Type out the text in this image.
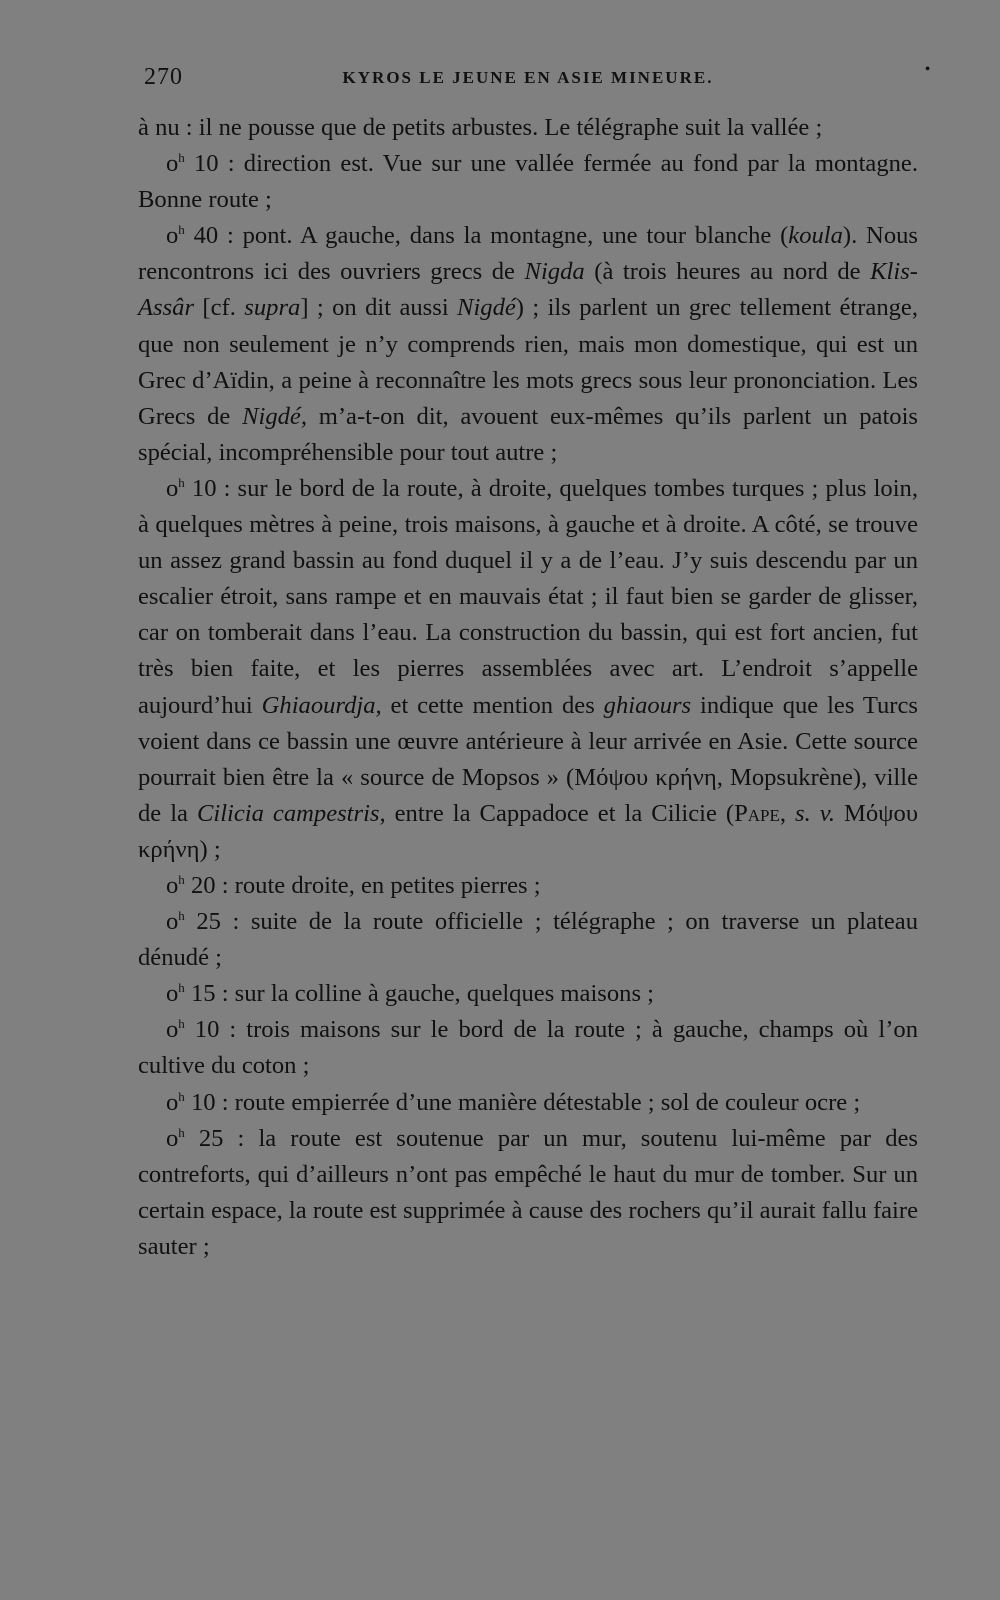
270	KYROS LE JEUNE EN ASIE MINEURE.	•

à nu : il ne pousse que de petits arbustes. Le télégraphe suit la vallée ;

$o^h$ 10 : direction est. Vue sur une vallée fermée au fond par la montagne. Bonne route ;

$o^h$ 40 : pont. A gauche, dans la montagne, une tour blanche (koula). Nous rencontrons ici des ouvriers grecs de Nigda (à trois heures au nord de Klis-Assâr [cf. supra] ; on dit aussi Nigdé) ; ils parlent un grec tellement étrange, que non seulement je n’y comprends rien, mais mon domestique, qui est un Grec d’Aïdin, a peine à reconnaître les mots grecs sous leur prononciation. Les Grecs de Nigdé, m’a-t-on dit, avouent eux-mêmes qu’ils parlent un patois spécial, incompréhensible pour tout autre ;

$o^h$ 10 : sur le bord de la route, à droite, quelques tombes turques ; plus loin, à quelques mètres à peine, trois maisons, à gauche et à droite. A côté, se trouve un assez grand bassin au fond duquel il y a de l’eau. J’y suis descendu par un escalier étroit, sans rampe et en mauvais état ; il faut bien se garder de glisser, car on tomberait dans l’eau. La construction du bassin, qui est fort ancien, fut très bien faite, et les pierres assemblées avec art. L’endroit s’appelle aujourd’hui Ghiaourdja, et cette mention des ghiaours indique que les Turcs voient dans ce bassin une œuvre antérieure à leur arrivée en Asie. Cette source pourrait bien être la « source de Mopsos » (Μόψου κρήνη, Mopsukrène), ville de la Cilicia campestris, entre la Cappadoce et la Cilicie (Pape, s. v. Μόψου κρήνη) ;

$o^h$ 20 : route droite, en petites pierres ;

$o^h$ 25 : suite de la route officielle ; télégraphe ; on traverse un plateau dénudé ;

$o^h$ 15 : sur la colline à gauche, quelques maisons ;

$o^h$ 10 : trois maisons sur le bord de la route ; à gauche, champs où l’on cultive du coton ;

$o^h$ 10 : route empierrée d’une manière détestable ; sol de couleur ocre ;

$o^h$ 25 : la route est soutenue par un mur, soutenu lui-même par des contreforts, qui d’ailleurs n’ont pas empêché le haut du mur de tomber. Sur un certain espace, la route est supprimée à cause des rochers qu’il aurait fallu faire sauter ;
